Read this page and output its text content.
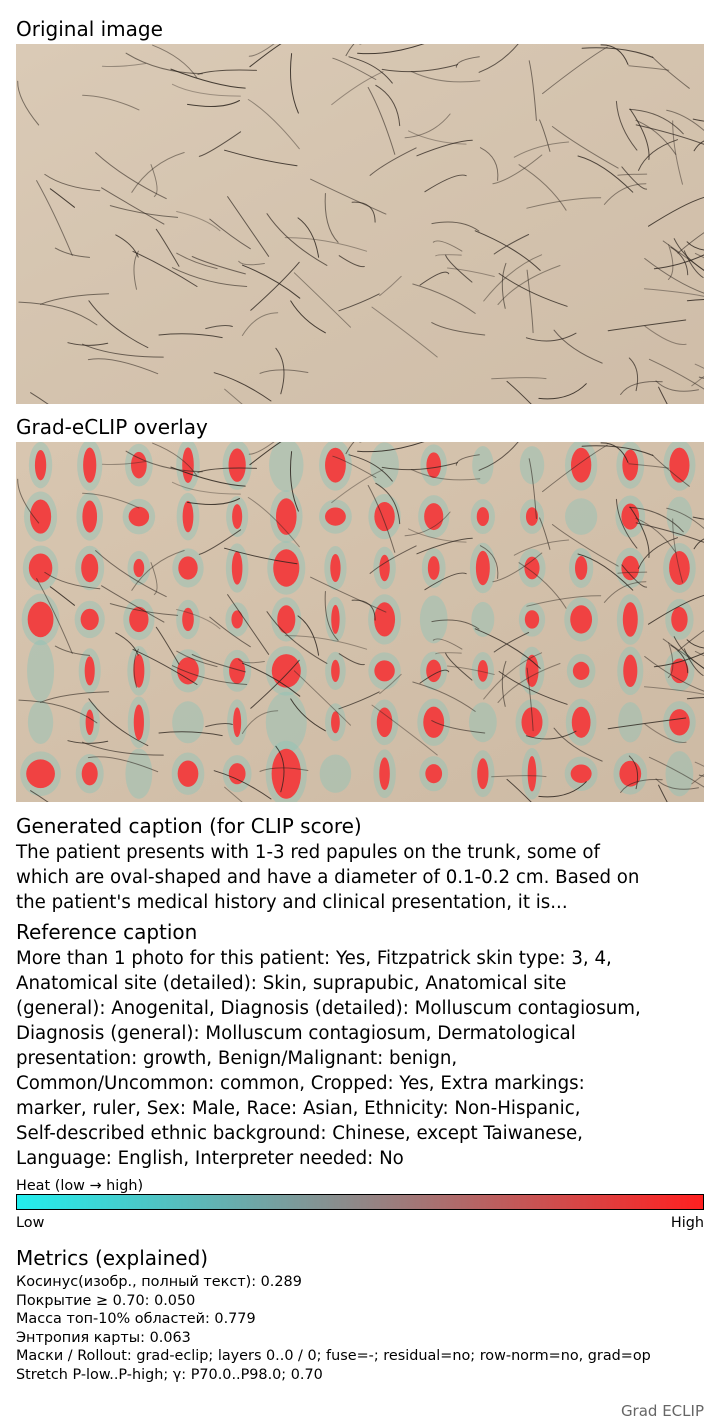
Original image
Grad-eCLIP overlay
Generated caption (for CLIP score)
The patient presents with 1-3 red papules on the trunk, some of
which are oval-shaped and have a diameter of 0.1-0.2 cm. Based on
the patient's medical history and clinical presentation, it is...
Reference caption
More than 1 photo for this patient: Yes, Fitzpatrick skin type: 3, 4,
Anatomical site (detailed): Skin, suprapubic, Anatomical site
(general): Anogenital, Diagnosis (detailed): Molluscum contagiosum,
Diagnosis (general): Molluscum contagiosum, Dermatological
presentation: growth, Benign/Malignant: benign,
Common/Uncommon: common, Cropped: Yes, Extra markings:
marker, ruler, Sex: Male, Race: Asian, Ethnicity: Non-Hispanic,
Self-described ethnic background: Chinese, except Taiwanese,
Language: English, Interpreter needed: No
Heat (low → high)
Low	High
Metrics (explained)
Косинус(изобр., полный текст): 0.289
Покрытие ≥ 0.70: 0.050
Масса топ-10% областей: 0.779
Энтропия карты: 0.063
Маски / Rollout: grad-eclip; layers 0..0 / 0; fuse=-; residual=no; row-norm=no, grad=op
Stretch P-low..P-high; γ: P70.0..P98.0; 0.70
Grad ECLIP
